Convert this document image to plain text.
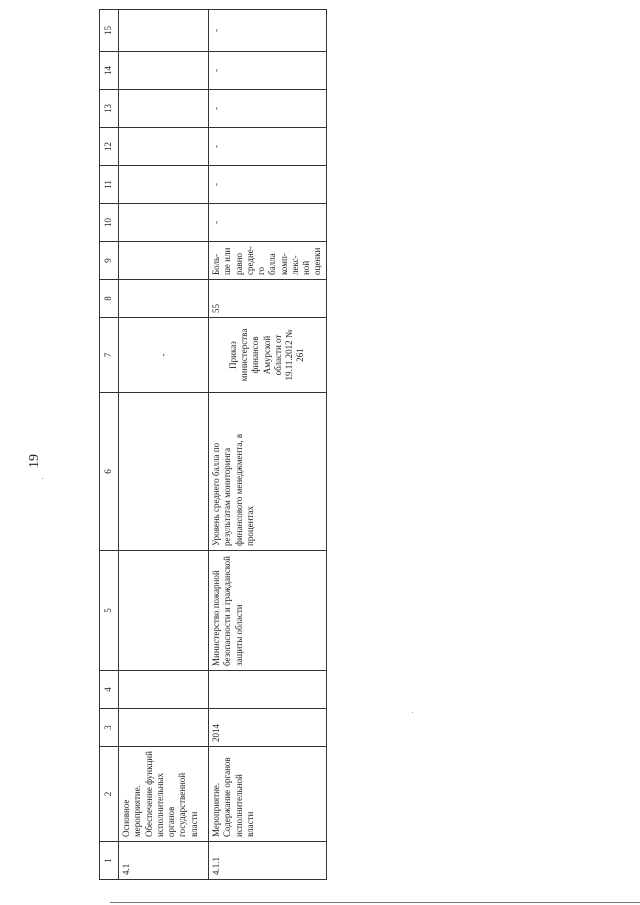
19
1	2	3	4	5	6	7	8	9	10	11	12	13	14	15
4.1	Основное мероприятие. Обеспечение функций исполнительных органов государственной власти					-								

4.1.1	Мероприятие. Содержание органов исполнительной власти	2014		Министерство пожарной безопасности и гражданской защиты области	Уровень среднего балла по результатам мониторинга финансового менеджмента, в процентах	Приказ министерства финансов Амурской области от 19.11.2012 № 261	55	Боль-ше или равно средне-го балла комп-лекс-ной оценки	-	-	-	-	-	-
